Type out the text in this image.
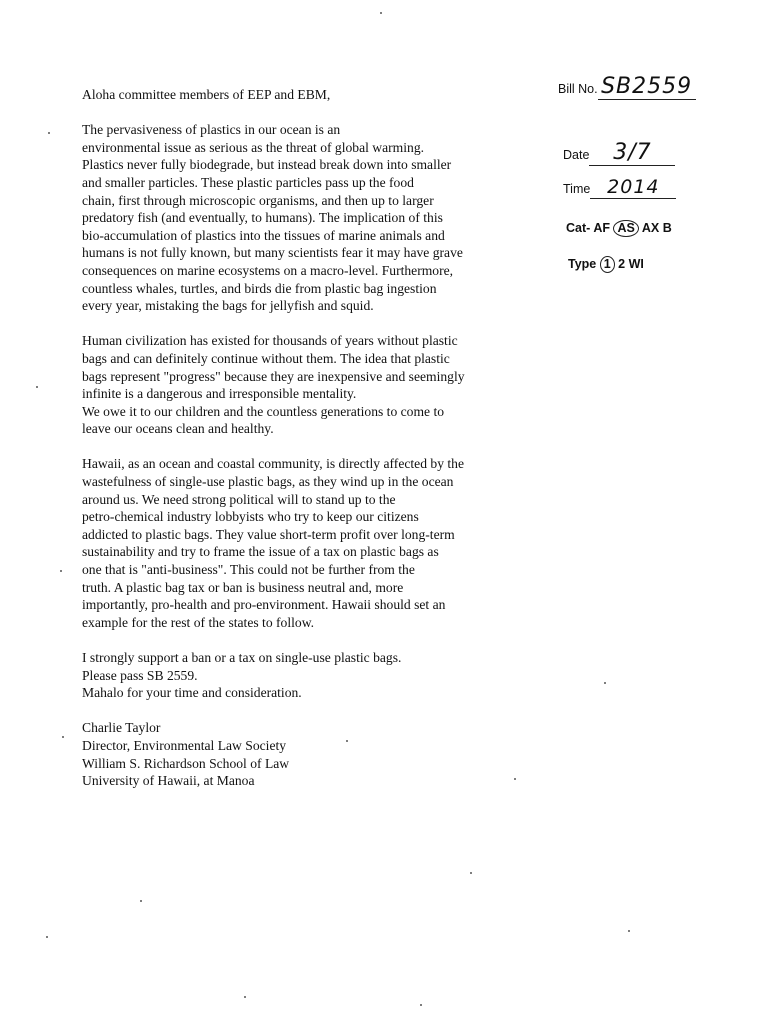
Aloha committee members of EEP and EBM,

The pervasiveness of plastics in our ocean is an

environmental issue as serious as the threat of global warming.

Plastics never fully biodegrade, but instead break down into smaller

and smaller particles. These plastic particles pass up the food

chain, first through microscopic organisms, and then up to larger

predatory fish (and eventually, to humans). The implication of this

bio-accumulation of plastics into the tissues of marine animals and

humans is not fully known, but many scientists fear it may have grave

consequences on marine ecosystems on a macro-level. Furthermore,

countless whales, turtles, and birds die from plastic bag ingestion

every year, mistaking the bags for jellyfish and squid.

Human civilization has existed for thousands of years without plastic

bags and can definitely continue without them. The idea that plastic

bags represent "progress" because they are inexpensive and seemingly

infinite is a dangerous and irresponsible mentality.

We owe it to our children and the countless generations to come to

leave our oceans clean and healthy.

Hawaii, as an ocean and coastal community, is directly affected by the

wastefulness of single-use plastic bags, as they wind up in the ocean

around us. We need strong political will to stand up to the

petro-chemical industry lobbyists who try to keep our citizens

addicted to plastic bags. They value short-term profit over long-term

sustainability and try to frame the issue of a tax on plastic bags as

one that is "anti-business". This could not be further from the

truth. A plastic bag tax or ban is business neutral and, more

importantly, pro-health and pro-environment. Hawaii should set an

example for the rest of the states to follow.

I strongly support a ban or a tax on single-use plastic bags.

Please pass SB 2559.

Mahalo for your time and consideration.

Charlie Taylor

Director, Environmental Law Society

William S. Richardson School of Law

University of Hawaii, at Manoa

Bill No. SB2559
Date 3/7
Time 2014
Cat- AF AS AX B
Type 1 2 WI
